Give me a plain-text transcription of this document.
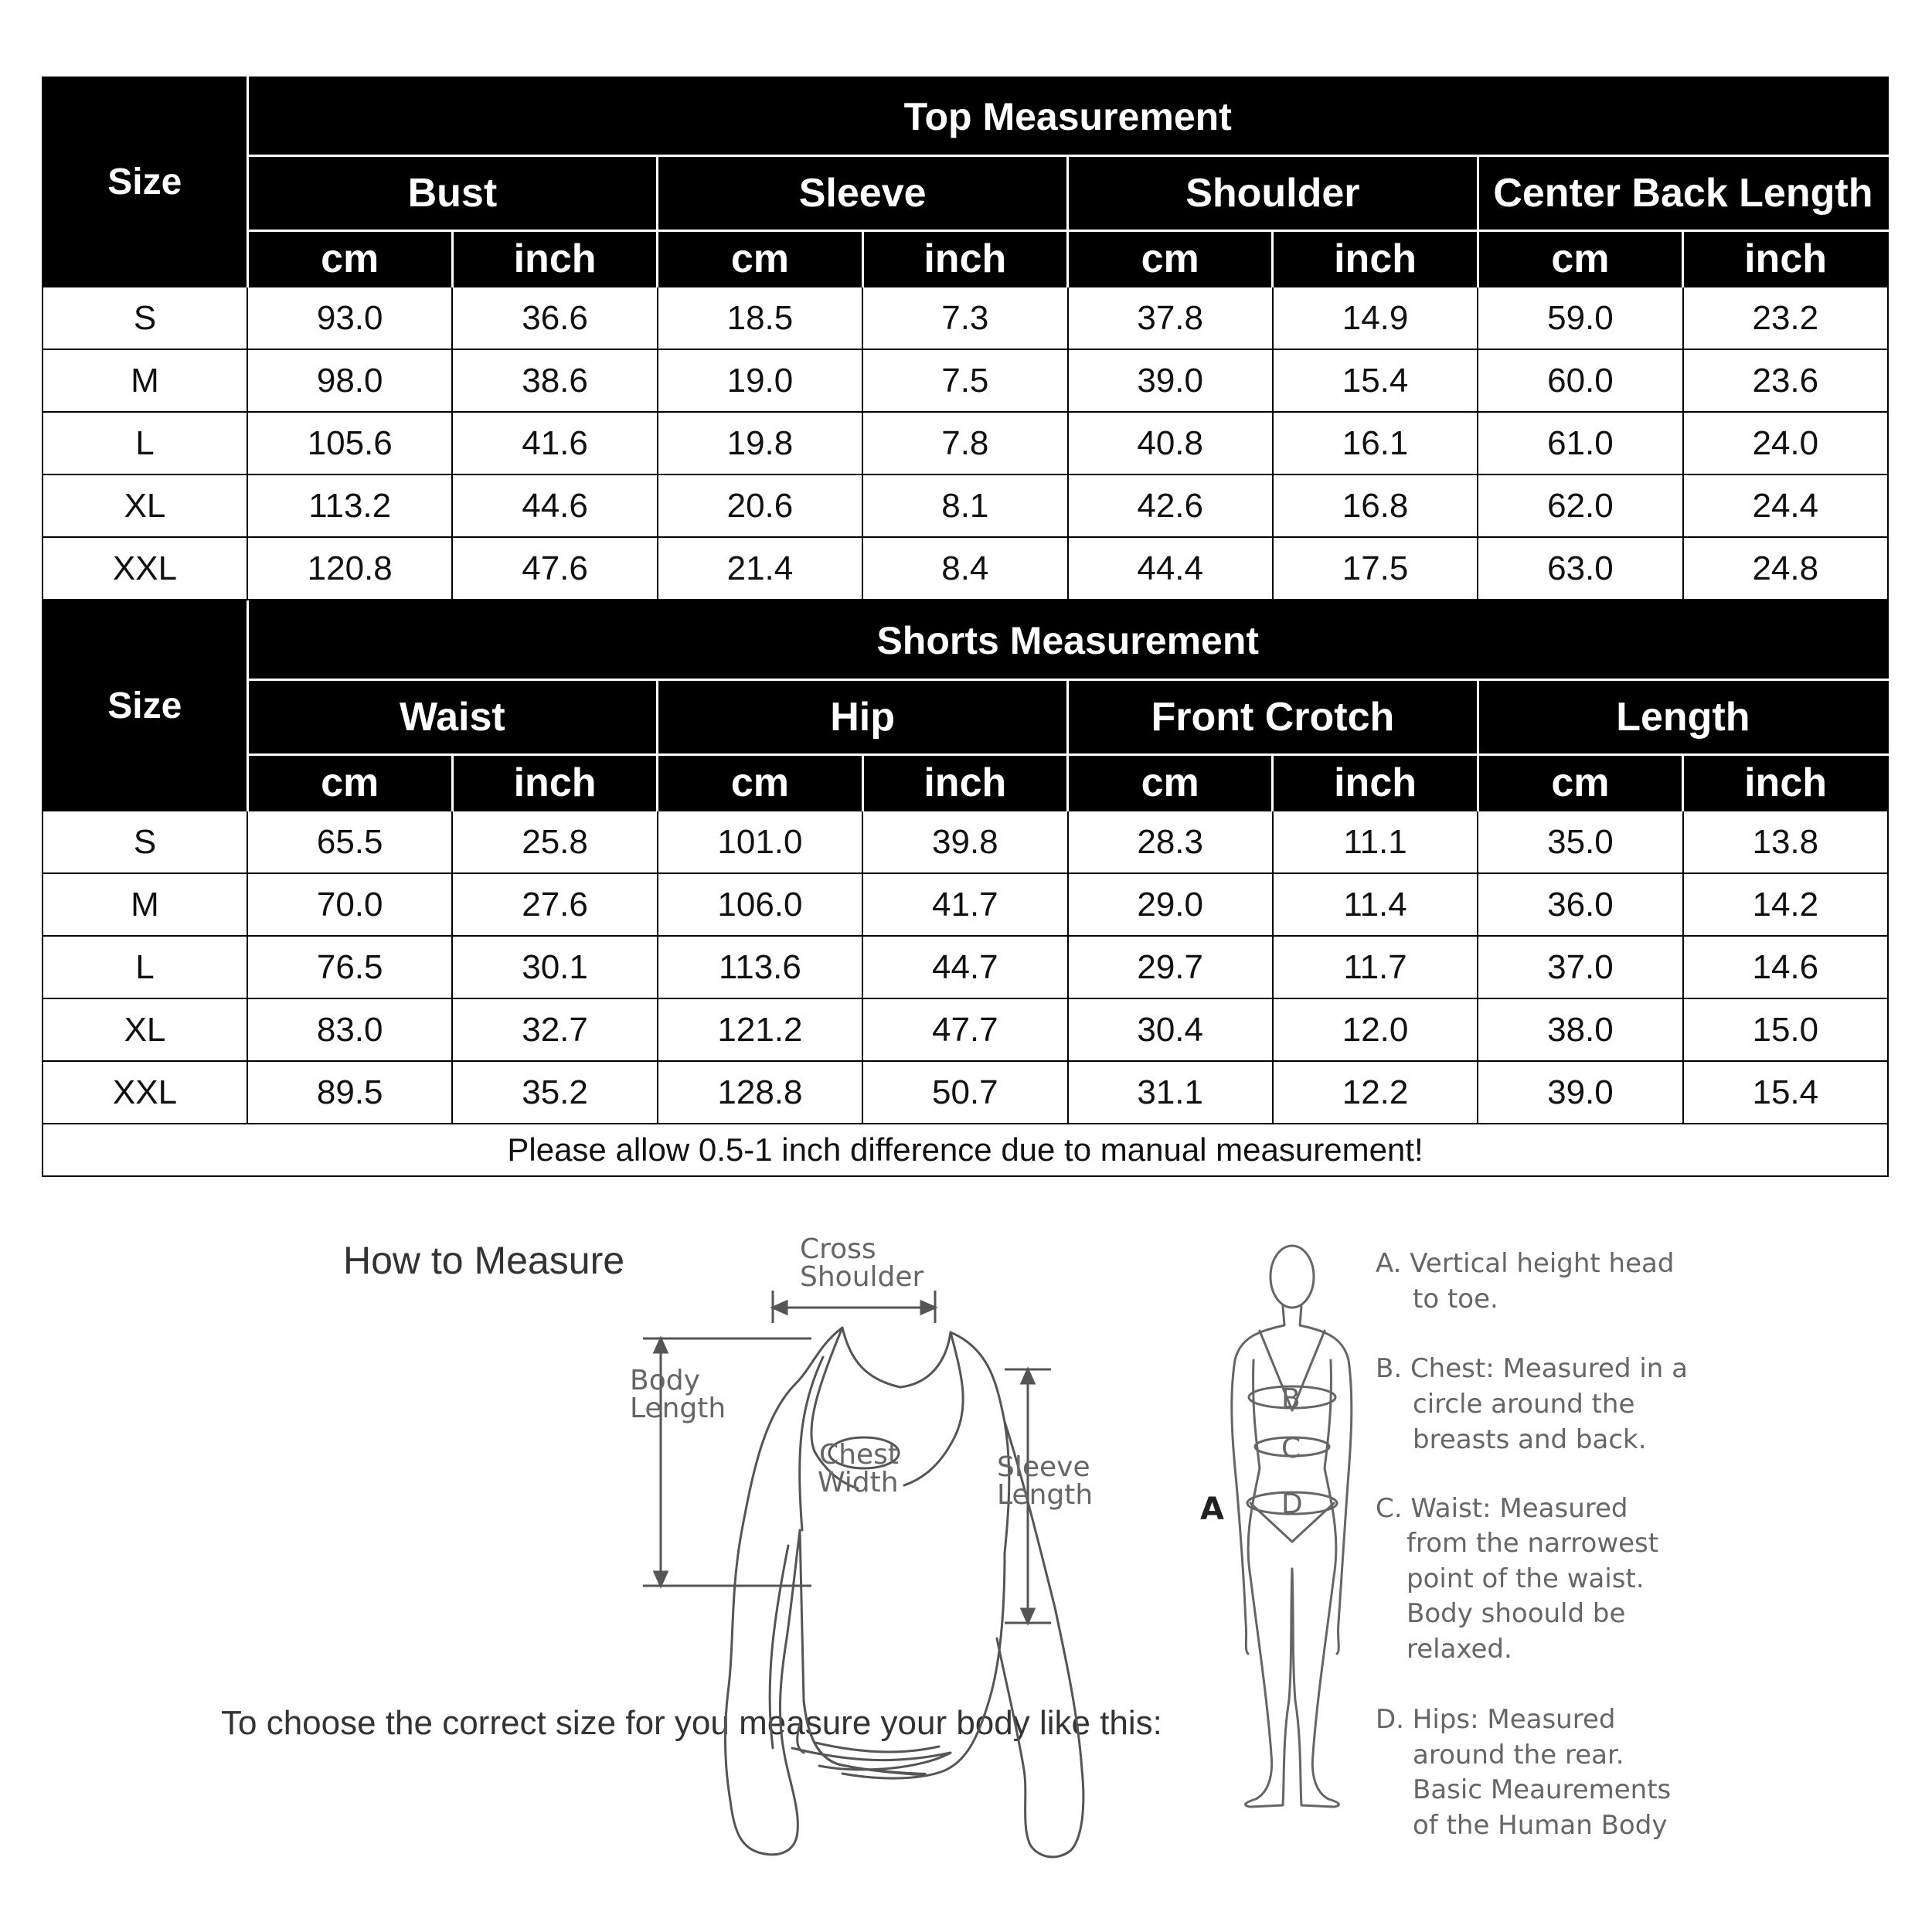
Size	Top Measurement							
	Bust		Sleeve		Shoulder		Center Back Length	
	cm	inch	cm	inch	cm	inch	cm	inch
S	93.0	36.6	18.5	7.3	37.8	14.9	59.0	23.2
M	98.0	38.6	19.0	7.5	39.0	15.4	60.0	23.6
L	105.6	41.6	19.8	7.8	40.8	16.1	61.0	24.0
XL	113.2	44.6	20.6	8.1	42.6	16.8	62.0	24.4
XXL	120.8	47.6	21.4	8.4	44.4	17.5	63.0	24.8
Size	Shorts Measurement							
	Waist		Hip		Front Crotch		Length	
	cm	inch	cm	inch	cm	inch	cm	inch
S	65.5	25.8	101.0	39.8	28.3	11.1	35.0	13.8
M	70.0	27.6	106.0	41.7	29.0	11.4	36.0	14.2
L	76.5	30.1	113.6	44.7	29.7	11.7	37.0	14.6
XL	83.0	32.7	121.2	47.7	30.4	12.0	38.0	15.0
XXL	89.5	35.2	128.8	50.7	31.1	12.2	39.0	15.4
Please allow 0.5-1 inch difference due to manual measurement!								
How to Measure
To choose the correct size for you measure your body like this:
Cross
Shoulder
Body
Length
Chest
Width	Sleeve
Length
B
C
D
A
A. Vertical height head
to toe.
B. Chest: Measured in a
circle around the
breasts and back.
C. Waist: Measured
from the narrowest
point of the waist.
Body shoould be
relaxed.
D. Hips: Measured
around the rear.
Basic Meaurements
of the Human Body
